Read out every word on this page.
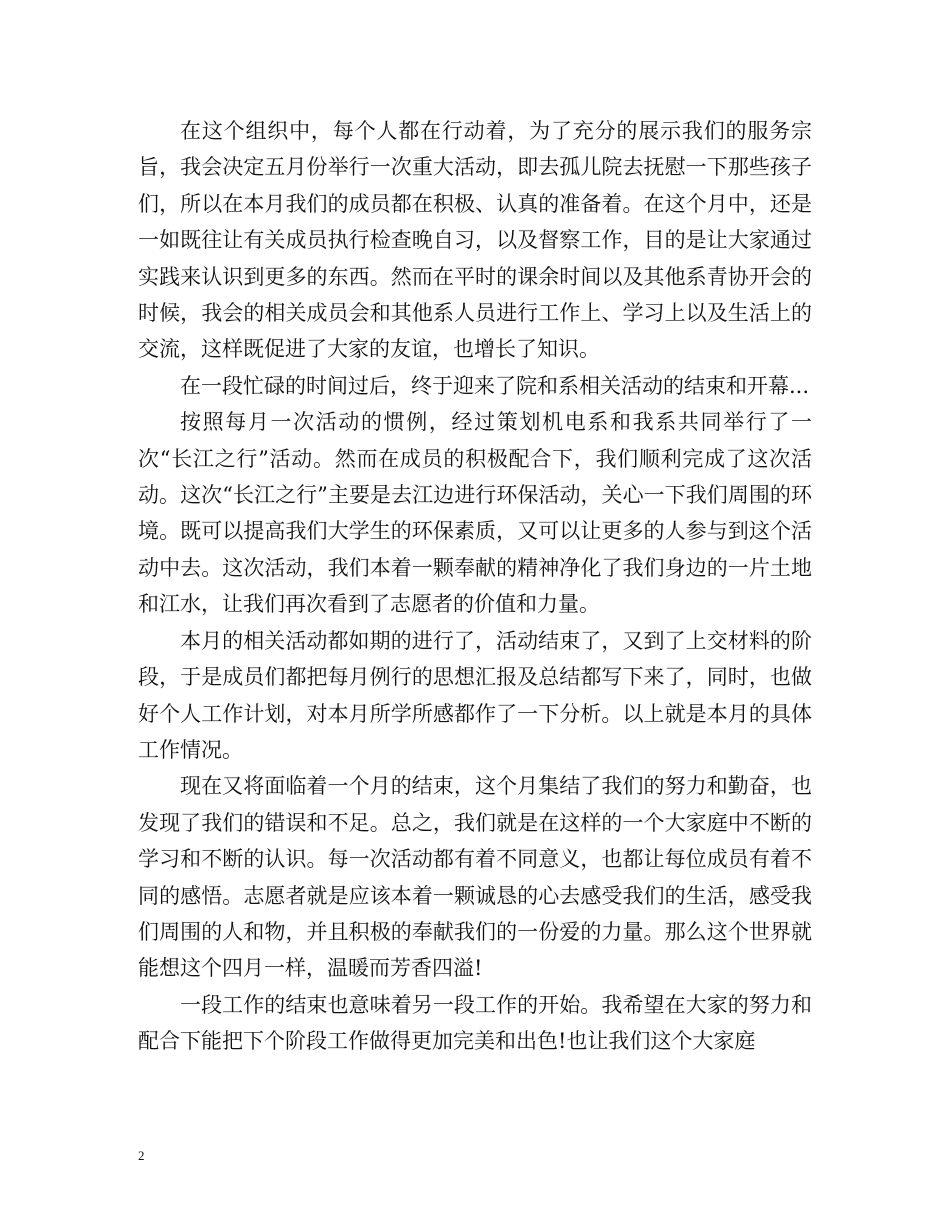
在这个组织中，每个人都在行动着，为了充分的展示我们的服务宗旨，我会决定五月份举行一次重大活动，即去孤儿院去抚慰一下那些孩子们，所以在本月我们的成员都在积极、认真的准备着。在这个月中，还是一如既往让有关成员执行检查晚自习，以及督察工作，目的是让大家通过实践来认识到更多的东西。然而在平时的课余时间以及其他系青协开会的时候，我会的相关成员会和其他系人员进行工作上、学习上以及生活上的交流，这样既促进了大家的友谊，也增长了知识。

在一段忙碌的时间过后，终于迎来了院和系相关活动的结束和开幕...

按照每月一次活动的惯例，经过策划机电系和我系共同举行了一次“长江之行”活动。然而在成员的积极配合下，我们顺利完成了这次活动。这次“长江之行”主要是去江边进行环保活动，关心一下我们周围的环境。既可以提高我们大学生的环保素质，又可以让更多的人参与到这个活动中去。这次活动，我们本着一颗奉献的精神净化了我们身边的一片土地和江水，让我们再次看到了志愿者的价值和力量。

本月的相关活动都如期的进行了，活动结束了，又到了上交材料的阶段，于是成员们都把每月例行的思想汇报及总结都写下来了，同时，也做好个人工作计划，对本月所学所感都作了一下分析。以上就是本月的具体工作情况。

现在又将面临着一个月的结束，这个月集结了我们的努力和勤奋，也发现了我们的错误和不足。总之，我们就是在这样的一个大家庭中不断的学习和不断的认识。每一次活动都有着不同意义，也都让每位成员有着不同的感悟。志愿者就是应该本着一颗诚恳的心去感受我们的生活，感受我们周围的人和物，并且积极的奉献我们的一份爱的力量。那么这个世界就能想这个四月一样，温暖而芳香四溢!

一段工作的结束也意味着另一段工作的开始。我希望在大家的努力和配合下能把下个阶段工作做得更加完美和出色!也让我们这个大家庭

2
